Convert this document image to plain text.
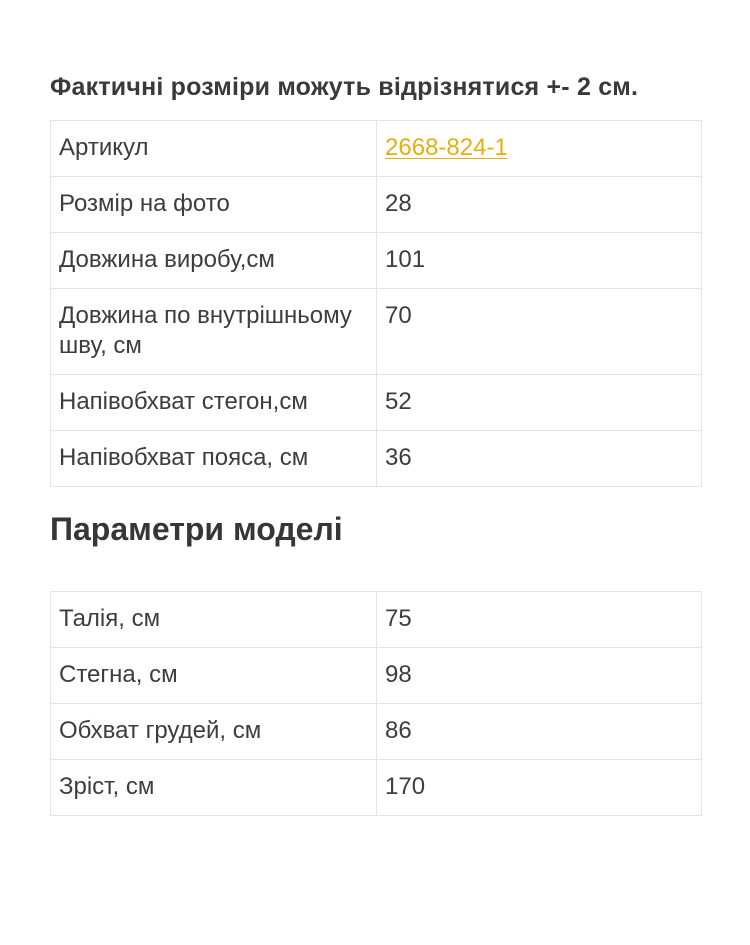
Фактичні розміри можуть відрізнятися +- 2 см.

Артикул	2668-824-1
Розмір на фото	28
Довжина виробу,см	101
Довжина по внутрішньому шву, см	70
Напівобхват стегон,см	52
Напівобхват пояса, см	36
Параметри моделі
Талія, см	75
Стегна, см	98
Обхват грудей, см	86
Зріст, см	170
